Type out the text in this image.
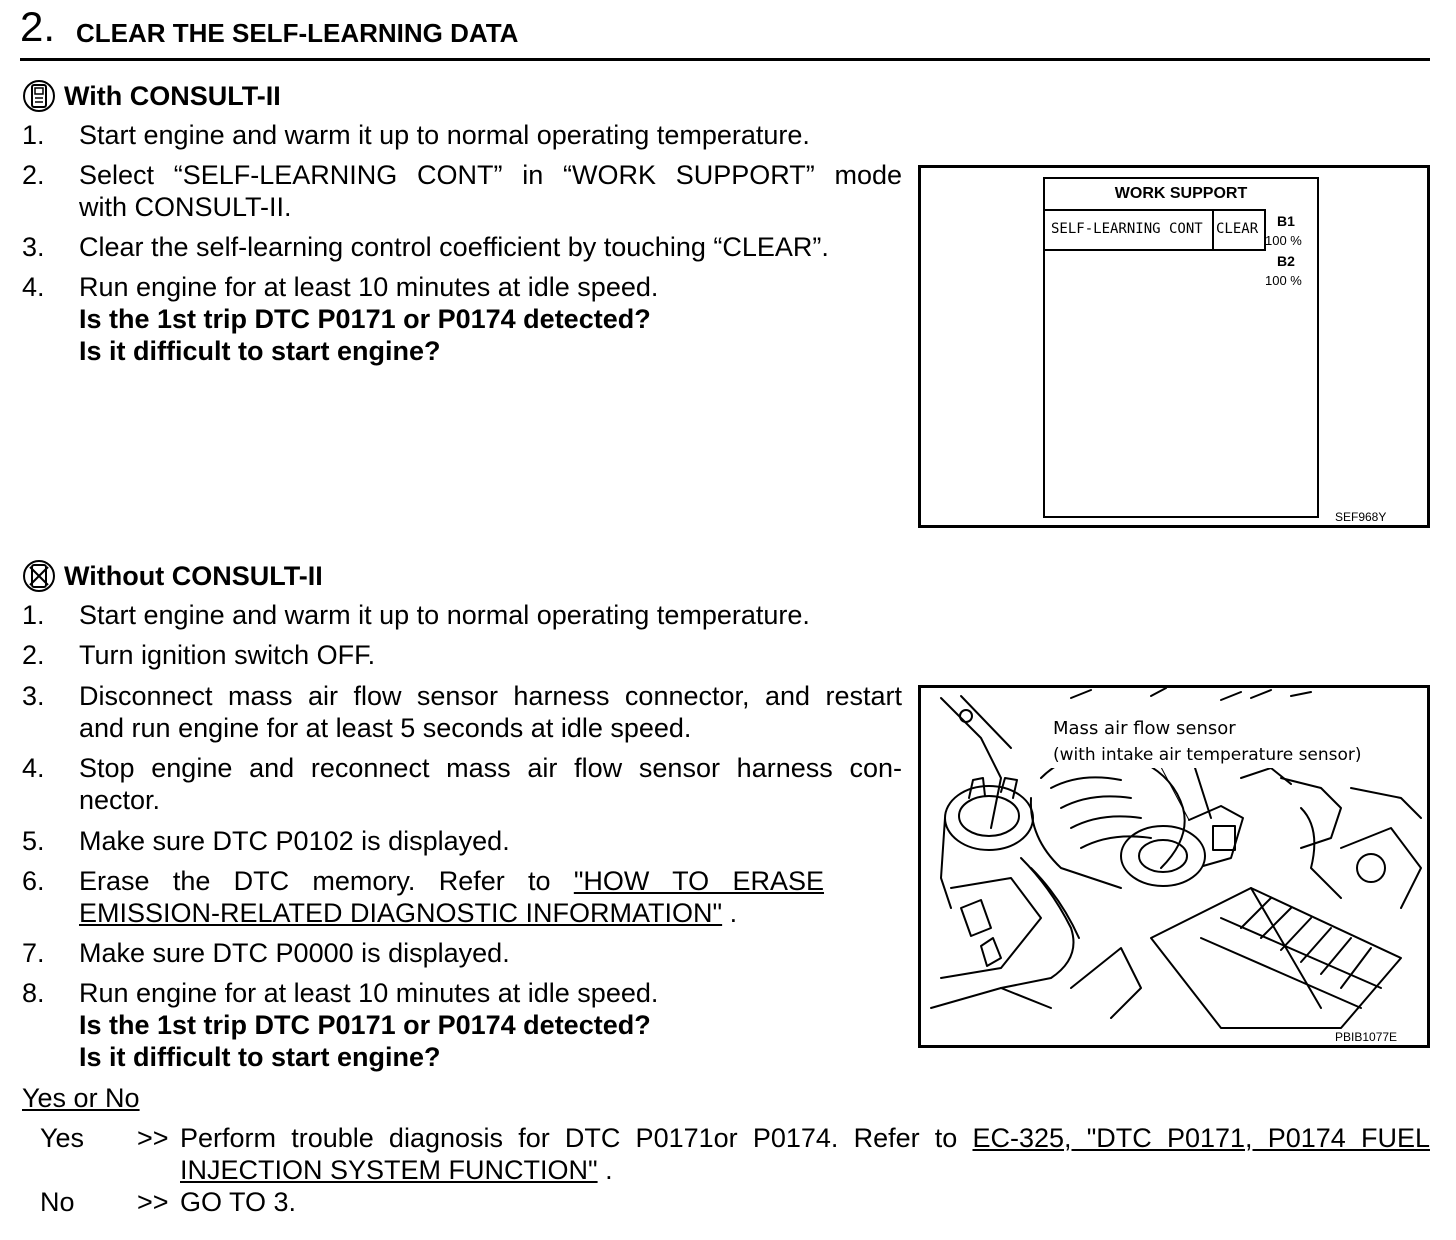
2. CLEAR THE SELF-LEARNING DATA
With CONSULT-II
1. Start engine and warm it up to normal operating temperature.
2. Select “SELF-LEARNING CONT” in “WORK SUPPORT” mode
with CONSULT-II.
3. Clear the self-learning control coefficient by touching “CLEAR”.
4. Run engine for at least 10 minutes at idle speed.
Is the 1st trip DTC P0171 or P0174 detected?
Is it difficult to start engine?
WORK SUPPORT
SELF-LEARNING CONT CLEAR B1
100 %
B2
100 %
SEF968Y
Without CONSULT-II
1. Start engine and warm it up to normal operating temperature.
2. Turn ignition switch OFF.
3. Disconnect mass air flow sensor harness connector, and restart
and run engine for at least 5 seconds at idle speed.
4. Stop engine and reconnect mass air flow sensor harness con-
nector.
5. Make sure DTC P0102 is displayed.
6. Erase the DTC memory. Refer to "HOW TO ERASE
EMISSION-RELATED DIAGNOSTIC INFORMATION" .
7. Make sure DTC P0000 is displayed.
8. Run engine for at least 10 minutes at idle speed.
Is the 1st trip DTC P0171 or P0174 detected?
Is it difficult to start engine?
Mass air flow sensor
(with intake air temperature sensor)
PBIB1077E
Yes or No
Yes >> Perform trouble diagnosis for DTC P0171or P0174. Refer to EC-325, "DTC P0171, P0174 FUEL
INJECTION SYSTEM FUNCTION" .
No >> GO TO 3.
